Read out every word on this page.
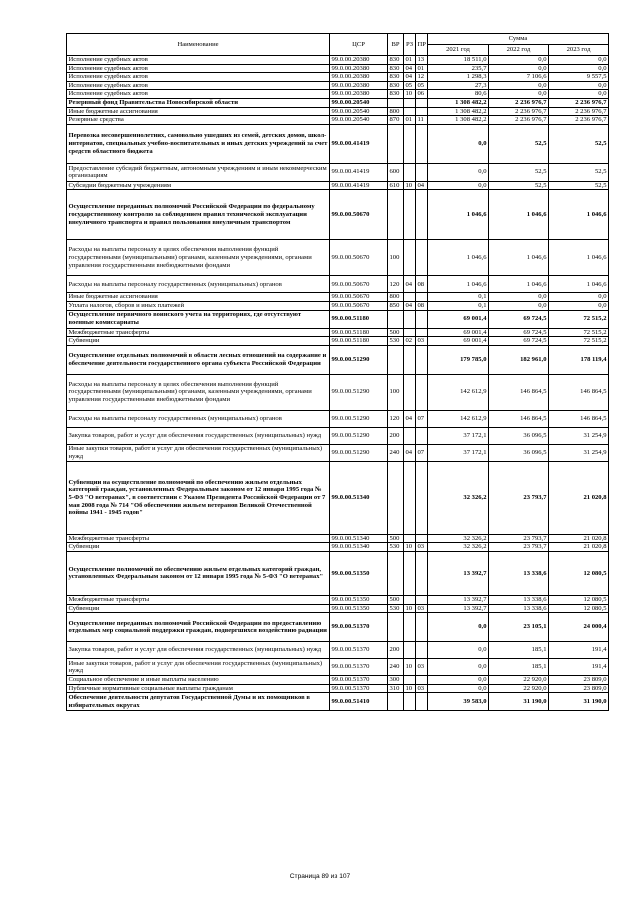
Наименование	ЦСР	ВР	РЗ	ПР	Сумма		
					2021 год	2022 год	2023 год
Исполнение судебных актов	99.0.00.20380	830	01	13	18 511,0	0,0	0,0
Исполнение судебных актов	99.0.00.20380	830	04	01	235,7	0,0	0,0
Исполнение судебных актов	99.0.00.20380	830	04	12	1 298,3	7 106,6	9 557,5
Исполнение судебных актов	99.0.00.20380	830	05	05	27,3	0,0	0,0
Исполнение судебных актов	99.0.00.20380	830	10	06	80,6	0,0	0,0
Резервный фонд Правительства Новосибирской области	99.0.00.20540				1 308 482,2	2 236 976,7	2 236 976,7
Иные бюджетные ассигнования	99.0.00.20540	800			1 308 482,2	2 236 976,7	2 236 976,7
Резервные средства	99.0.00.20540	870	01	11	1 308 482,2	2 236 976,7	2 236 976,7
Перевозка несовершеннолетних, самовольно ушедших из семей, детских домов, школ-интернатов, специальных учебно-воспитательных и иных детских учреждений за счет средств областного бюджета	99.0.00.41419				0,0	52,5	52,5
Предоставление субсидий бюджетным, автономным учреждениям и иным некоммерческим организациям	99.0.00.41419	600			0,0	52,5	52,5
Субсидии бюджетным учреждениям	99.0.00.41419	610	10	04	0,0	52,5	52,5
Осуществление переданных полномочий Российской Федерации по федеральному государственному контролю за соблюдением правил технической эксплуатации внеуличного транспорта и правил пользования внеуличным транспортом	99.0.00.50670				1 046,6	1 046,6	1 046,6
Расходы на выплаты персоналу в целях обеспечения выполнения функций государственными (муниципальными) органами, казенными учреждениями, органами управления государственными внебюджетными фондами	99.0.00.50670	100			1 046,6	1 046,6	1 046,6
Расходы на выплаты персоналу государственных (муниципальных) органов	99.0.00.50670	120	04	08	1 046,6	1 046,6	1 046,6
Иные бюджетные ассигнования	99.0.00.50670	800			0,1	0,0	0,0
Уплата налогов, сборов и иных платежей	99.0.00.50670	850	04	08	0,1	0,0	0,0
Осуществление первичного воинского учета на территориях, где отсутствуют военные комиссариаты	99.0.00.51180				69 001,4	69 724,5	72 515,2
Межбюджетные трансферты	99.0.00.51180	500			69 001,4	69 724,5	72 515,2
Субвенции	99.0.00.51180	530	02	03	69 001,4	69 724,5	72 515,2
Осуществление отдельных полномочий в области лесных отношений на содержание и обеспечение деятельности государственного органа субъекта Российской Федерации	99.0.00.51290				179 785,0	182 961,0	178 119,4
Расходы на выплаты персоналу в целях обеспечения выполнения функций государственными (муниципальными) органами, казенными учреждениями, органами управления государственными внебюджетными фондами	99.0.00.51290	100			142 612,9	146 864,5	146 864,5
Расходы на выплаты персоналу государственных (муниципальных) органов	99.0.00.51290	120	04	07	142 612,9	146 864,5	146 864,5
Закупка товаров, работ и услуг для обеспечения государственных (муниципальных) нужд	99.0.00.51290	200			37 172,1	36 096,5	31 254,9
Иные закупки товаров, работ и услуг для обеспечения государственных (муниципальных) нужд	99.0.00.51290	240	04	07	37 172,1	36 096,5	31 254,9
Субвенции на осуществление полномочий по обеспечению жильем отдельных категорий граждан, установленных Федеральным законом от 12 января 1995 года № 5-ФЗ "О ветеранах", в соответствии с Указом Президента Российской Федерации от 7 мая 2008 года № 714 "Об обеспечении жильем ветеранов Великой Отечественной войны 1941 - 1945 годов"	99.0.00.51340				32 326,2	23 793,7	21 020,8
Межбюджетные трансферты	99.0.00.51340	500			32 326,2	23 793,7	21 020,8
Субвенции	99.0.00.51340	530	10	03	32 326,2	23 793,7	21 020,8
Осуществление полномочий по обеспечению жильем отдельных категорий граждан, установленных Федеральным законом от 12 января 1995 года № 5-ФЗ "О ветеранах"	99.0.00.51350				13 392,7	13 338,6	12 080,5
Межбюджетные трансферты	99.0.00.51350	500			13 392,7	13 338,6	12 080,5
Субвенции	99.0.00.51350	530	10	03	13 392,7	13 338,6	12 080,5
Осуществление переданных полномочий Российской Федерации по предоставлению отдельных мер социальной поддержки граждан, подвергшихся воздействию радиации	99.0.00.51370				0,0	23 105,1	24 000,4
Закупка товаров, работ и услуг для обеспечения государственных (муниципальных) нужд	99.0.00.51370	200			0,0	185,1	191,4
Иные закупки товаров, работ и услуг для обеспечения государственных (муниципальных) нужд	99.0.00.51370	240	10	03	0,0	185,1	191,4
Социальное обеспечение и иные выплаты населению	99.0.00.51370	300			0,0	22 920,0	23 809,0
Публичные нормативные социальные выплаты гражданам	99.0.00.51370	310	10	03	0,0	22 920,0	23 809,0
Обеспечение деятельности депутатов Государственной Думы и их помощников в избирательных округах	99.0.00.51410				39 583,0	31 190,0	31 190,0
Страница 89 из 107
